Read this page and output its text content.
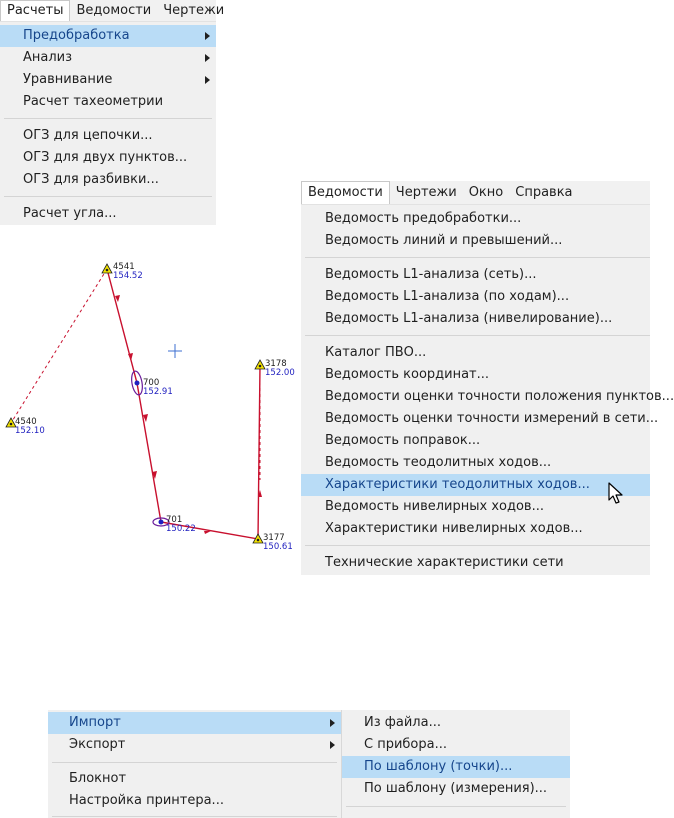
Расчеты	Ведомости Чертежи
Предобработка
Анализ
Уравнивание
Расчет тахеометрии
ОГЗ для цепочки...
ОГЗ для двух пунктов...
ОГЗ для разбивки...
Расчет угла...
4541
154.52
4540
152.10
700
152.91
701
150.22
3177
150.61
3178
152.00
Ведомости	Чертежи Окно Справка
Ведомость предобработки...
Ведомость линий и превышений...
Ведомость L1-анализа (сеть)...
Ведомость L1-анализа (по ходам)...
Ведомость L1-анализа (нивелирование)...
Каталог ПВО...
Ведомость координат...
Ведомости оценки точности положения пунктов...
Ведомость оценки точности измерений в сети...
Ведомость поправок...
Ведомость теодолитных ходов...
Характеристики теодолитных ходов...
Ведомость нивелирных ходов...
Характеристики нивелирных ходов...
Технические характеристики сети
Импорт
Экспорт
Блокнот
Настройка принтера...
Из файла...
С прибора...
По шаблону (точки)...
По шаблону (измерения)...
